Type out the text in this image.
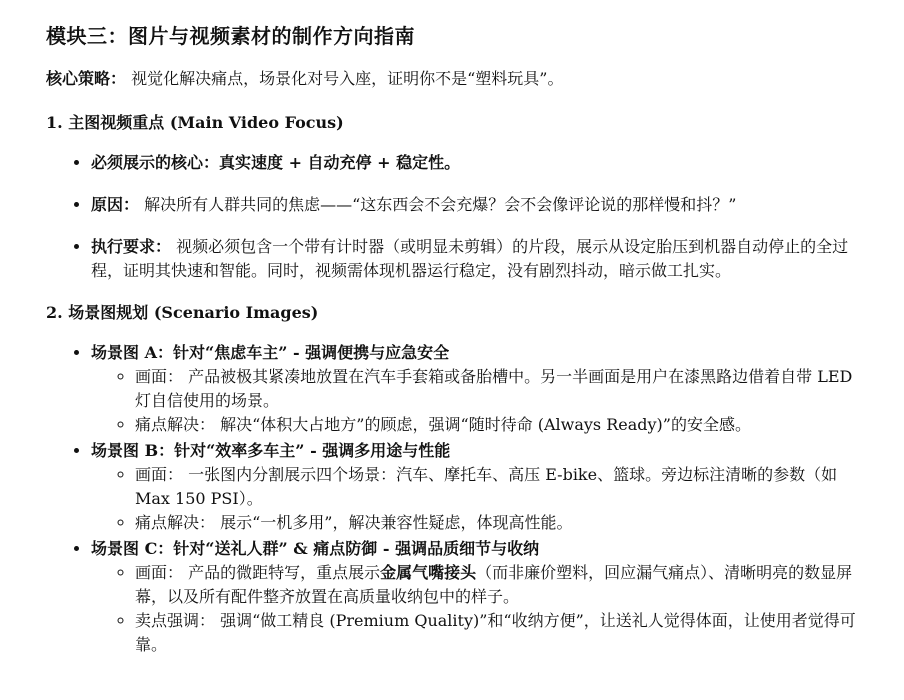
模块三：图片与视频素材的制作方向指南

核心策略： 视觉化解决痛点，场景化对号入座，证明你不是“塑料玩具”。

1. 主图视频重点 (Main Video Focus)
• 必须展示的核心：真实速度 + 自动充停 + 稳定性。
• 原因： 解决所有人群共同的焦虑——“这东西会不会充爆？会不会像评论说的那样慢和抖？”
• 执行要求： 视频必须包含一个带有计时器（或明显未剪辑）的片段，展示从设定胎压到机器自动停止的全过程，证明其快速和智能。同时，视频需体现机器运行稳定，没有剧烈抖动，暗示做工扎实。
2. 场景图规划 (Scenario Images)
• 场景图 A：针对“焦虑车主” - 强调便携与应急安全
◦ 画面： 产品被极其紧凑地放置在汽车手套箱或备胎槽中。另一半画面是用户在漆黑路边借着自带 LED 灯自信使用的场景。
◦ 痛点解决： 解决“体积大占地方”的顾虑，强调“随时待命 (Always Ready)”的安全感。
• 场景图 B：针对“效率多车主” - 强调多用途与性能
◦ 画面： 一张图内分割展示四个场景：汽车、摩托车、高压 E-bike、篮球。旁边标注清晰的参数（如 Max 150 PSI）。
◦ 痛点解决： 展示“一机多用”，解决兼容性疑虑，体现高性能。
• 场景图 C：针对“送礼人群” & 痛点防御 - 强调品质细节与收纳
◦ 画面： 产品的微距特写，重点展示金属气嘴接头（而非廉价塑料，回应漏气痛点）、清晰明亮的数显屏幕，以及所有配件整齐放置在高质量收纳包中的样子。
◦ 卖点强调： 强调“做工精良 (Premium Quality)”和“收纳方便”，让送礼人觉得体面，让使用者觉得可靠。
